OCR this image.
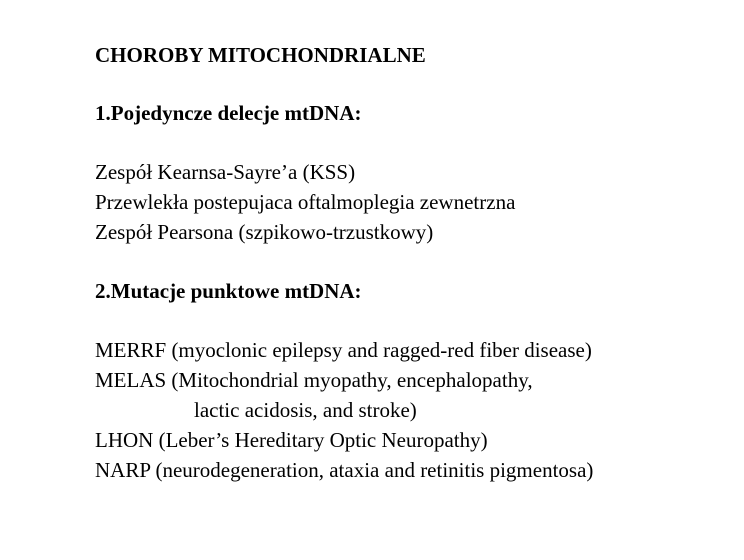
CHOROBY MITOCHONDRIALNE
1.Pojedyncze delecje mtDNA:
Zespół Kearnsa-Sayre’a (KSS)
Przewlekła postepujaca oftalmoplegia zewnetrzna
Zespół Pearsona (szpikowo-trzustkowy)
2.Mutacje punktowe mtDNA:
MERRF (myoclonic epilepsy and ragged-red fiber disease)
MELAS (Mitochondrial myopathy, encephalopathy,
lactic acidosis, and stroke)
LHON (Leber’s Hereditary Optic Neuropathy)
NARP (neurodegeneration, ataxia and retinitis pigmentosa)
